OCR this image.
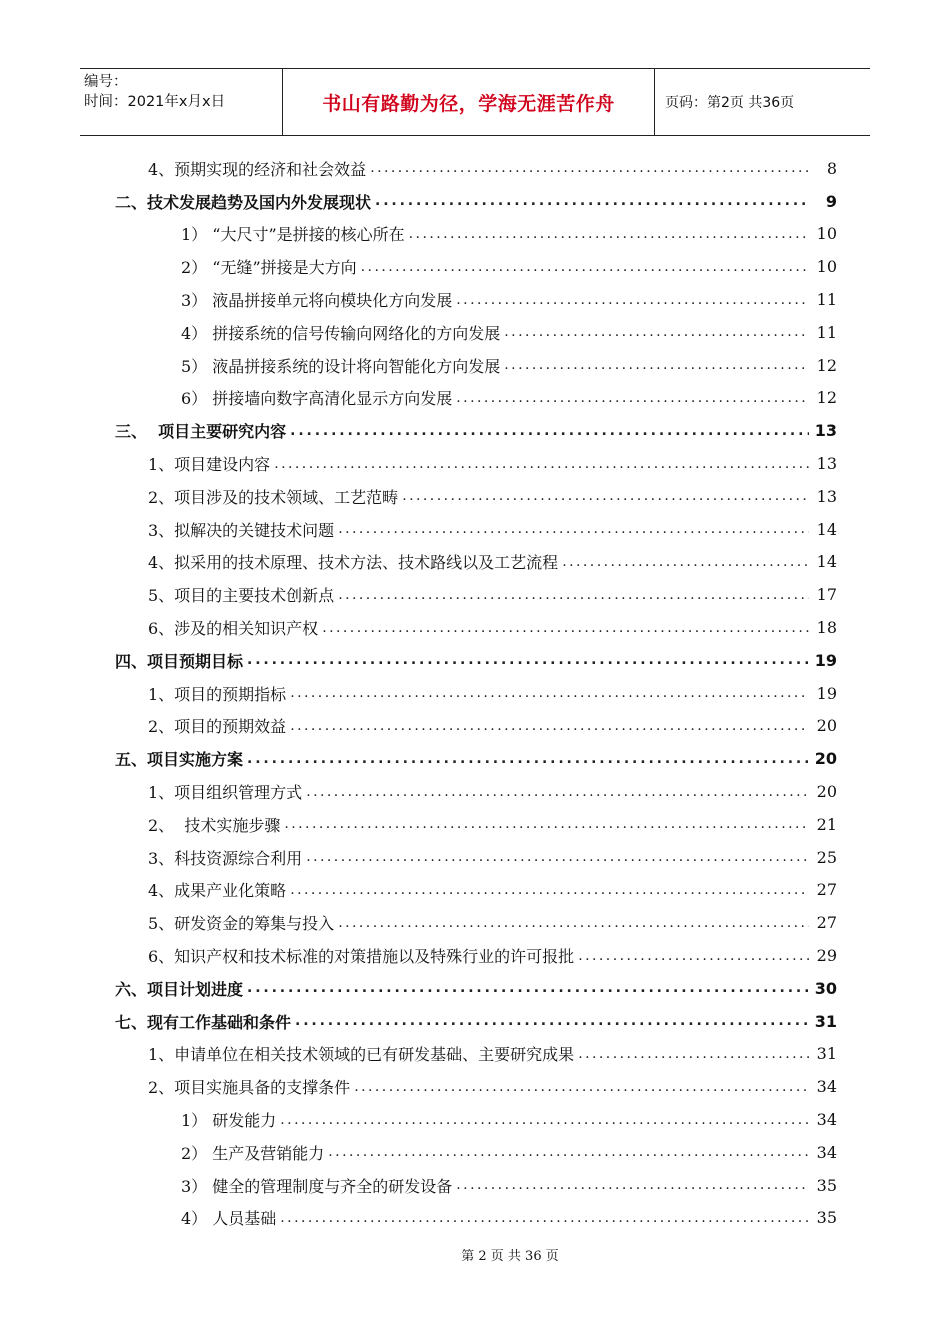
编号：
时间：2021年x月x日	书山有路勤为径，学海无涯苦作舟	页码：第2页 共36页
4、预期实现的经济和社会效益 . . .	8
二、技术发展趋势及国内外发展现状 . . .	9
1） “大尺寸”是拼接的核心所在 . . .	10
2） “无缝”拼接是大方向 . . .	10
3） 液晶拼接单元将向模块化方向发展 . . .	11
4） 拼接系统的信号传输向网络化的方向发展 . . .	11
5） 液晶拼接系统的设计将向智能化方向发展 . . .	12
6） 拼接墙向数字高清化显示方向发展 . . .	12
三、  项目主要研究内容 . . .	13
1、项目建设内容 . . .	13
2、项目涉及的技术领域、工艺范畴 . . .	13
3、拟解决的关键技术问题 . . .	14
4、拟采用的技术原理、技术方法、技术路线以及工艺流程 . . .	14
5、项目的主要技术创新点 . . .	17
6、涉及的相关知识产权 . . .	18
四、项目预期目标 . . .	19
1、项目的预期指标 . . .	19
2、项目的预期效益 . . .	20
五、项目实施方案 . . .	20
1、项目组织管理方式 . . .	20
2、  技术实施步骤 . . .	21
3、科技资源综合利用 . . .	25
4、成果产业化策略 . . .	27
5、研发资金的筹集与投入 . . .	27
6、知识产权和技术标准的对策措施以及特殊行业的许可报批 . . .	29
六、项目计划进度 . . .	30
七、现有工作基础和条件 . . .	31
1、申请单位在相关技术领域的已有研发基础、主要研究成果 . . .	31
2、项目实施具备的支撑条件 . . .	34
1） 研发能力 . . .	34
2） 生产及营销能力 . . .	34
3） 健全的管理制度与齐全的研发设备 . . .	35
4） 人员基础 . . .	35
第 2 页 共 36 页
